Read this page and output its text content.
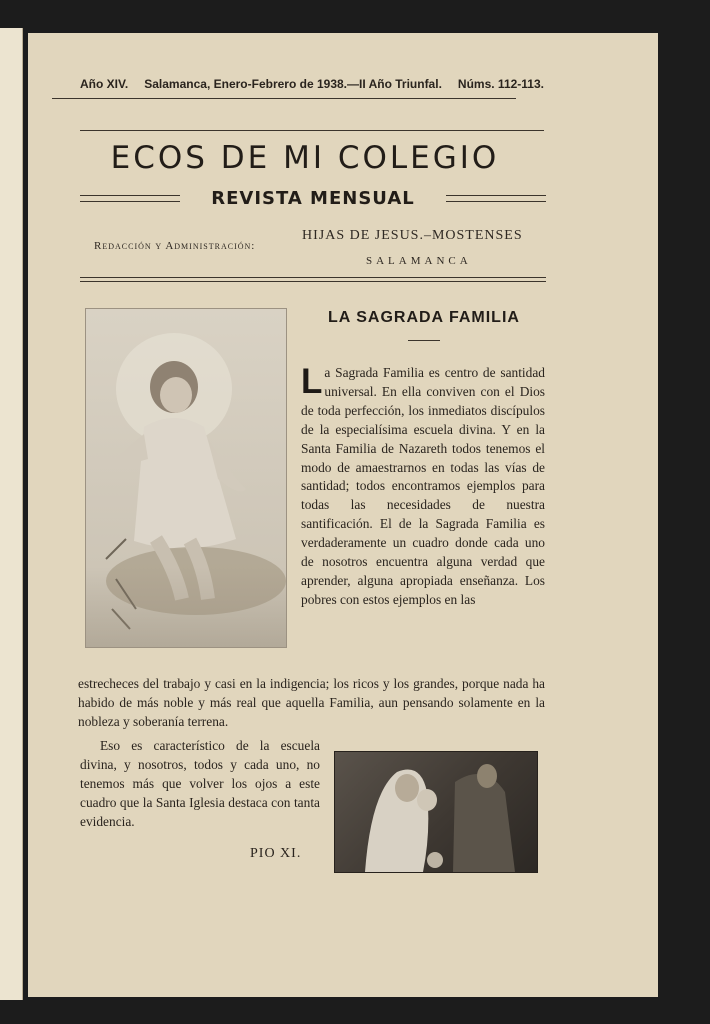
Año XIV. Salamanca, Enero-Febrero de 1938.—II Año Triunfal. Núms. 112-113.
ECOS DE MI COLEGIO
REVISTA MENSUAL
Redacción y Administración:
HIJAS DE JESUS.–MOSTENSES
SALAMANCA
LA SAGRADA FAMILIA
La Sagrada Familia es centro de santidad universal. En ella conviven con el Dios de toda perfección, los inmediatos discípulos de la especialísima escuela divina. Y en la Santa Familia de Nazareth todos tenemos el modo de amaestrarnos en todas las vías de santidad; todos encontramos ejemplos para todas las necesidades de nuestra santificación. El de la Sagrada Familia es verdaderamente un cuadro donde cada uno de nosotros encuentra alguna verdad que aprender, alguna apropiada enseñanza. Los pobres con estos ejemplos en las
estrecheces del trabajo y casi en la indigencia; los ricos y los grandes, porque nada ha habido de más noble y más real que aquella Familia, aun pensando solamente en la nobleza y soberanía terrena.
Eso es característico de la escuela divina, y nosotros, todos y cada uno, no tenemos más que volver los ojos a este cuadro que la Santa Iglesia destaca con tanta evidencia.
PIO XI.
